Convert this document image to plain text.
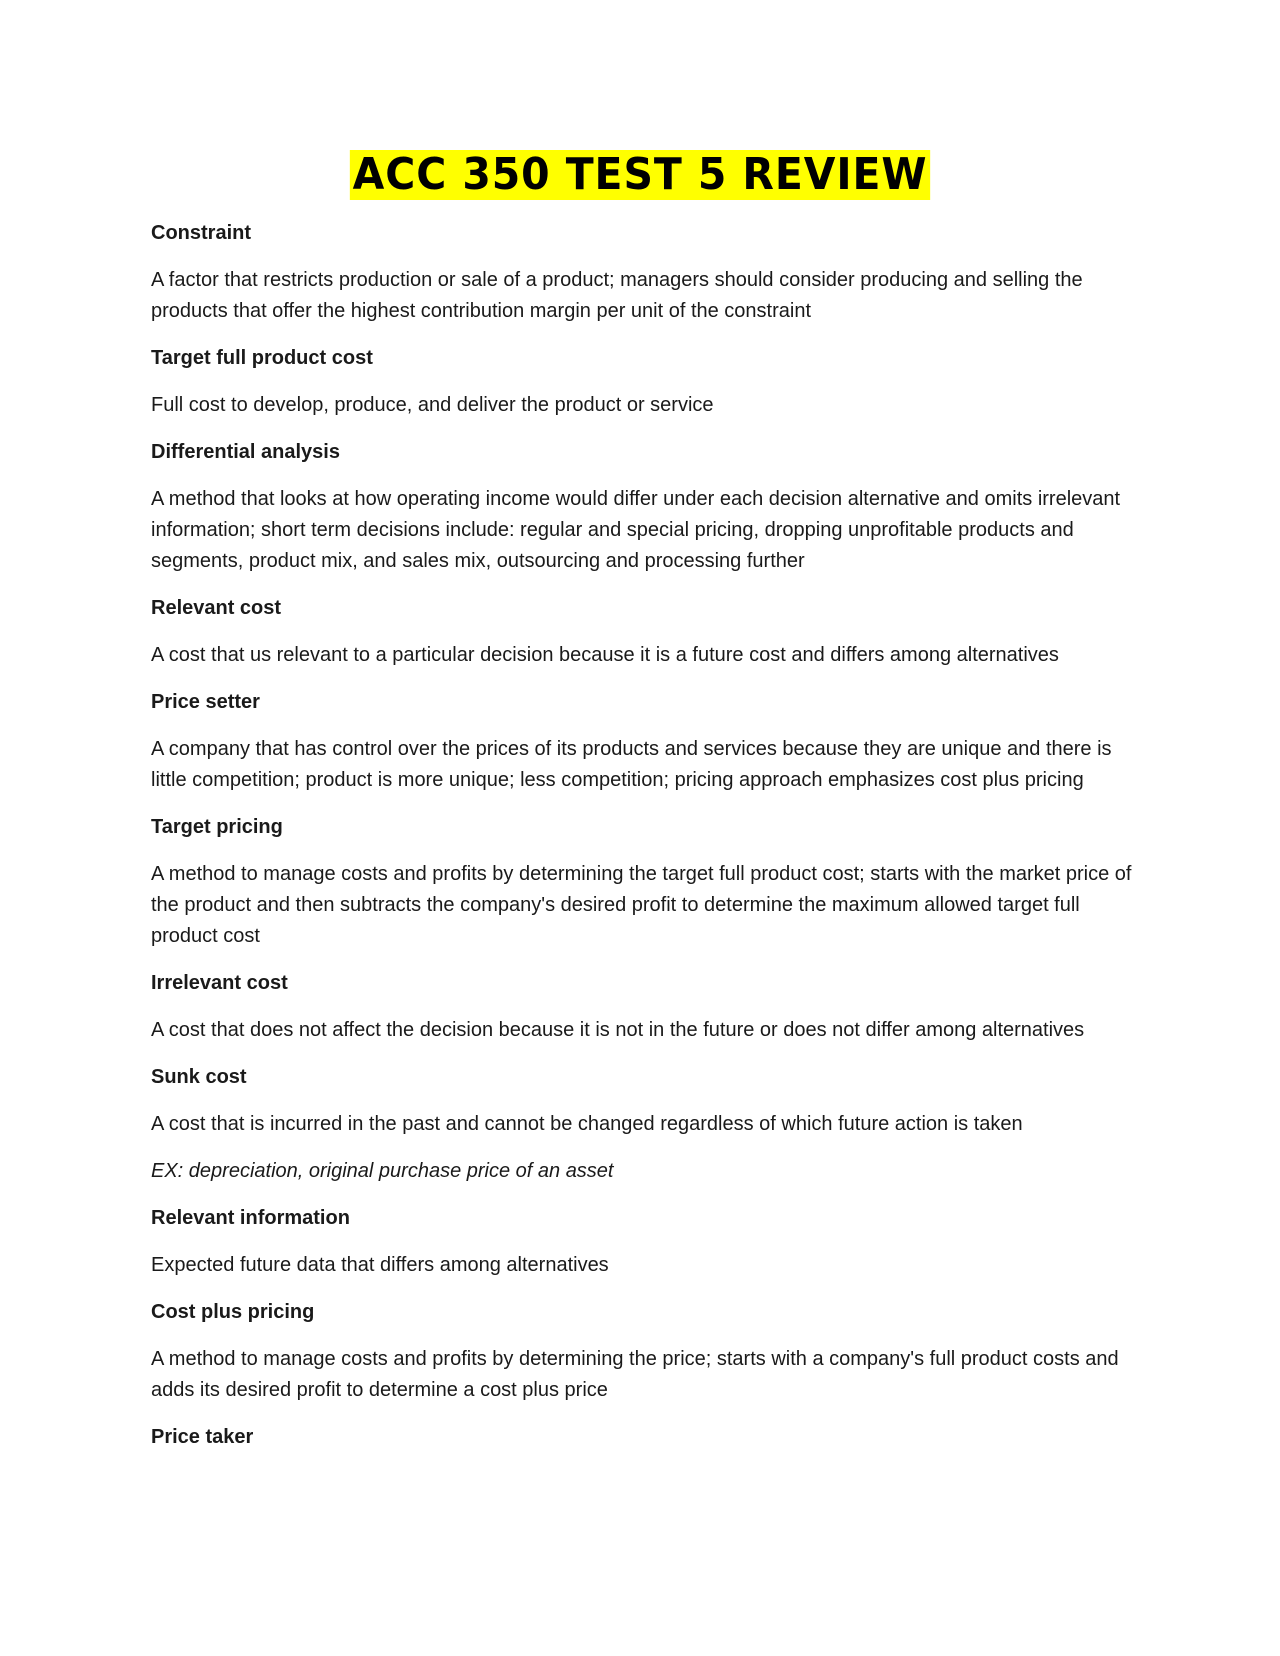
ACC 350 TEST 5 REVIEW
Constraint
A factor that restricts production or sale of a product; managers should consider producing and selling the products that offer the highest contribution margin per unit of the constraint
Target full product cost
Full cost to develop, produce, and deliver the product or service
Differential analysis
A method that looks at how operating income would differ under each decision alternative and omits irrelevant information; short term decisions include: regular and special pricing, dropping unprofitable products and segments, product mix, and sales mix, outsourcing and processing further
Relevant cost
A cost that us relevant to a particular decision because it is a future cost and differs among alternatives
Price setter
A company that has control over the prices of its products and services because they are unique and there is little competition; product is more unique; less competition; pricing approach emphasizes cost plus pricing
Target pricing
A method to manage costs and profits by determining the target full product cost; starts with the market price of the product and then subtracts the company's desired profit to determine the maximum allowed target full product cost
Irrelevant cost
A cost that does not affect the decision because it is not in the future or does not differ among alternatives
Sunk cost
A cost that is incurred in the past and cannot be changed regardless of which future action is taken
EX: depreciation, original purchase price of an asset
Relevant information
Expected future data that differs among alternatives
Cost plus pricing
A method to manage costs and profits by determining the price; starts with a company's full product costs and adds its desired profit to determine a cost plus price
Price taker
